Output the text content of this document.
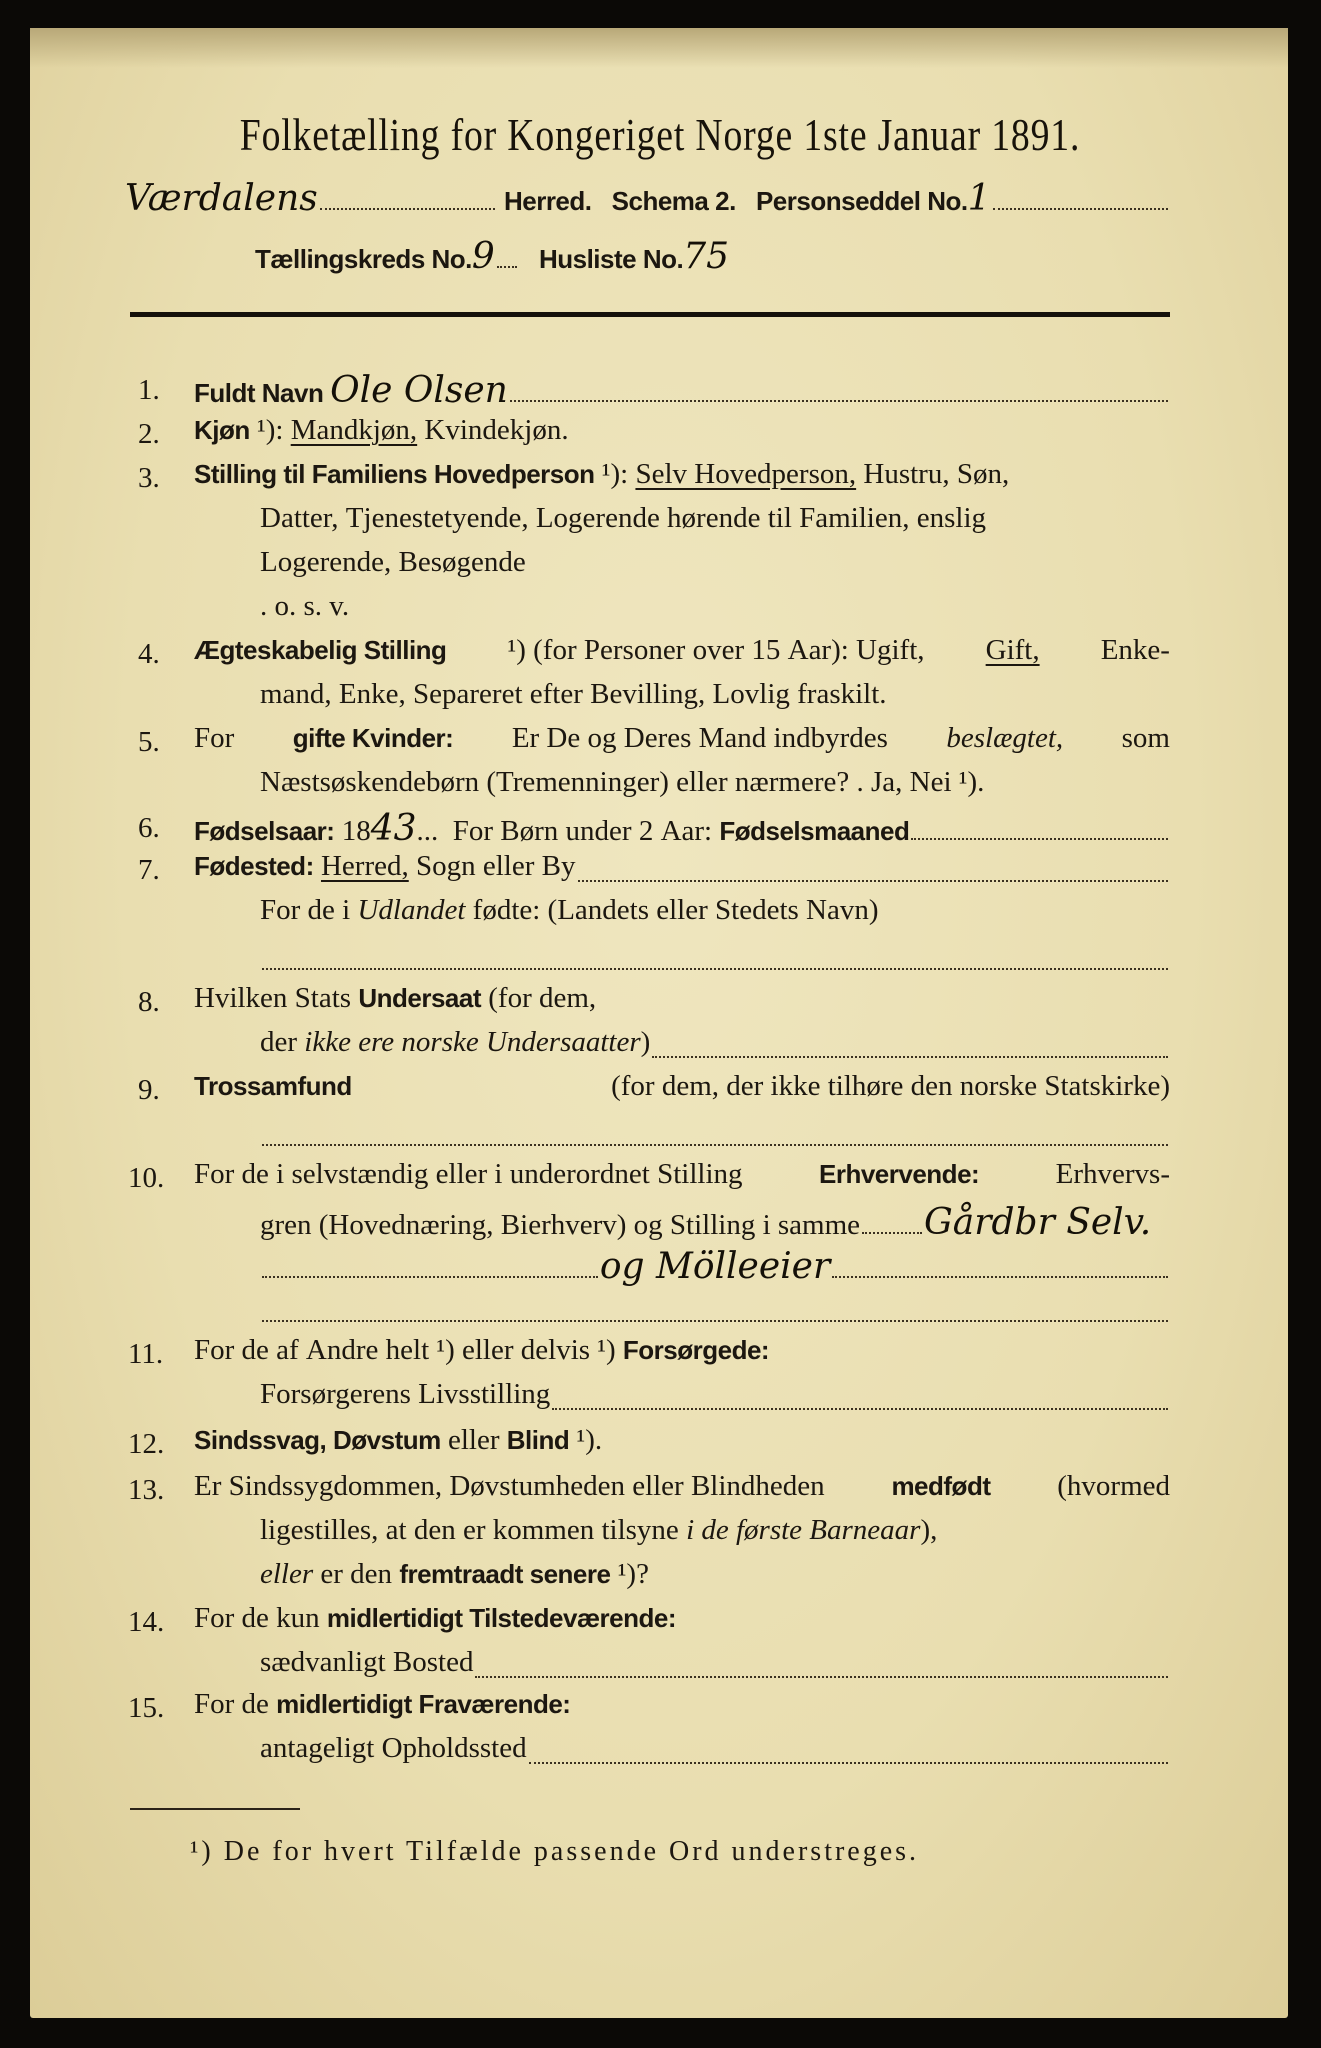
Folketælling for Kongeriget Norge 1ste Januar 1891.
Værdalens	Herred.   Schema 2.   Personseddel No. 1
Tællingskreds No. 9 Husliste No. 75
1. Fuldt Navn Ole Olsen
2. Kjøn ¹): Mandkjøn, Kvindekjøn.
3. Stilling til Familiens Hovedperson ¹): Selv Hovedperson, Hustru, Søn,
Datter, Tjenestetyende, Logerende hørende til Familien, enslig
Logerende, Besøgende
. o. s. v.
4. Ægteskabelig Stilling ¹) (for Personer over 15 Aar): Ugift, Gift, Enke-
mand, Enke, Separeret efter Bevilling, Lovlig fraskilt.
5. For gifte Kvinder: Er De og Deres Mand indbyrdes beslægtet, som
Næstsøskendebørn (Tremenninger) eller nærmere? . Ja, Nei ¹).
6. Fødselsaar: 18 43 ...  For Børn under 2 Aar: Fødselsmaaned
7. Fødested:
Herred, Sogn eller By
For de i Udlandet fødte: (Landets eller Stedets Navn)
8. Hvilken Stats Undersaat (for dem,
der ikke ere norske Undersaatter )
9. Trossamfund	(for dem, der ikke tilhøre den norske Statskirke)
10. For de i selvstændig eller i underordnet Stilling	Erhvervende: Erhvervs-
gren (Hovednæring, Bierhverv) og Stilling i samme Gårdbr Selv.
og Mölleeier
11. For de af Andre helt ¹) eller delvis ¹) Forsørgede:
Forsørgerens Livsstilling
12. Sindssvag, Døvstum eller Blind ¹).
13. Er Sindssygdommen, Døvstumheden eller Blindheden medfødt (hvormed
ligestilles, at den er kommen tilsyne i de første Barneaar ),
eller er den fremtraadt senere ¹)?
14. For de kun midlertidigt Tilstedeværende:
sædvanligt Bosted
15. For de midlertidigt Fraværende:
antageligt Opholdssted
¹) De for hvert Tilfælde passende Ord understreges.
